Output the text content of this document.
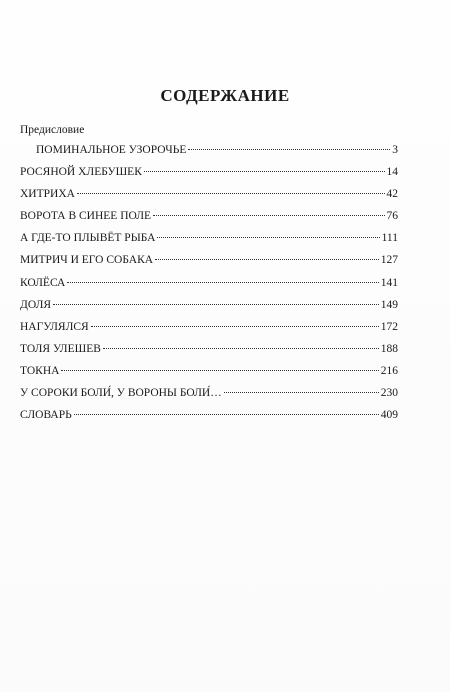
СОДЕРЖАНИЕ
Предисловие
ПОМИНАЛЬНОЕ УЗОРОЧЬЕ	3
РОСЯНОЙ ХЛЕБУШЕК	14
ХИТРИХА	42
ВОРОТА В СИНЕЕ ПОЛЕ	76
А ГДЕ-ТО ПЛЫВЁТ РЫБА	111
МИТРИЧ И ЕГО СОБАКА	127
КОЛЁСА	141
ДОЛЯ	149
НАГУЛЯЛСЯ	172
ТОЛЯ УЛЕШЕВ	188
ТОКНА	216
У СОРОКИ БОЛИ́, У ВОРОНЫ БОЛИ́…	230
СЛОВАРЬ	409
